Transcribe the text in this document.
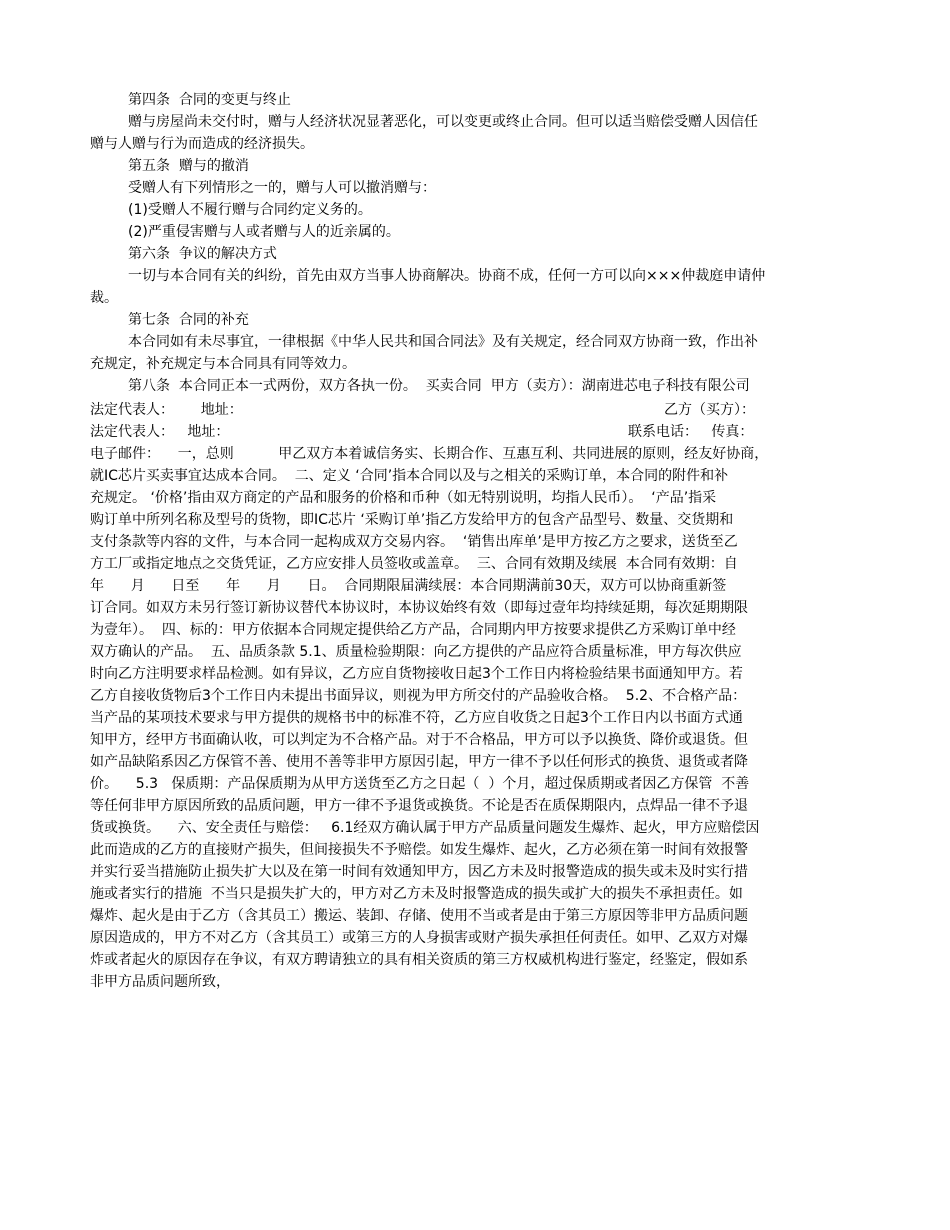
第四条  合同的变更与终止
赠与房屋尚未交付时，赠与人经济状况显著恶化，可以变更或终止合同。但可以适当赔偿受赠人因信任
赠与人赠与行为而造成的经济损失。
第五条  赠与的撤消
受赠人有下列情形之一的，赠与人可以撤消赠与：
(1)受赠人不履行赠与合同约定义务的。
(2)严重侵害赠与人或者赠与人的近亲属的。
第六条  争议的解决方式
一切与本合同有关的纠纷，首先由双方当事人协商解决。协商不成，任何一方可以向×××仲裁庭申请仲
裁。
第七条  合同的补充
本合同如有未尽事宜，一律根据《中华人民共和国合同法》及有关规定，经合同双方协商一致，作出补
充规定，补充规定与本合同具有同等效力。
第八条  本合同正本一式两份，双方各执一份。  买卖合同  甲方（卖方）：湖南进芯电子科技有限公司
法定代表人：      地址：	乙方（买方）：
法定代表人：   地址：	联系电话：   传真：
电子邮件：    一，总则          甲乙双方本着诚信务实、长期合作、互惠互利、共同进展的原则，经友好协商，
就IC芯片买卖事宜达成本合同。  二、定义 ‘合同’指本合同以及与之相关的采购订单，本合同的附件和补
充规定。 ‘价格’指由双方商定的产品和服务的价格和币种（如无特别说明，均指人民币）。  ‘产品’指采
购订单中所列名称及型号的货物，即IC芯片 ‘采购订单’指乙方发给甲方的包含产品型号、数量、交货期和
支付条款等内容的文件，与本合同一起构成双方交易内容。  ‘销售出库单’是甲方按乙方之要求，送货至乙
方工厂或指定地点之交货凭证，乙方应安排人员签收或盖章。  三、合同有效期及续展  本合同有效期：自
年      月      日至      年      月      日。  合同期限届满续展：本合同期满前30天，双方可以协商重新签
订合同。如双方未另行签订新协议替代本协议时，本协议始终有效（即每过壹年均持续延期，每次延期期限
为壹年）。  四、标的：甲方依据本合同规定提供给乙方产品，合同期内甲方按要求提供乙方采购订单中经
双方确认的产品。  五、品质条款 5.1、质量检验期限：向乙方提供的产品应符合质量标准，甲方每次供应
时向乙方注明要求样品检测。如有异议，乙方应自货物接收日起3个工作日内将检验结果书面通知甲方。若
乙方自接收货物后3个工作日内未提出书面异议，则视为甲方所交付的产品验收合格。  5.2、不合格产品：
当产品的某项技术要求与甲方提供的规格书中的标准不符，乙方应自收货之日起3个工作日内以书面方式通
知甲方，经甲方书面确认收，可以判定为不合格产品。对于不合格品，甲方可以予以换货、降价或退货。但
如产品缺陷系因乙方保管不善、使用不善等非甲方原因引起，甲方一律不予以任何形式的换货、退货或者降
价。    5.3   保质期：产品保质期为从甲方送货至乙方之日起（  ）个月，超过保质期或者因乙方保管  不善
等任何非甲方原因所致的品质问题，甲方一律不予退货或换货。不论是否在质保期限内，点焊品一律不予退
货或换货。    六、安全责任与赔偿：   6.1经双方确认属于甲方产品质量问题发生爆炸、起火，甲方应赔偿因
此而造成的乙方的直接财产损失，但间接损失不予赔偿。如发生爆炸、起火，乙方必须在第一时间有效报警
并实行妥当措施防止损失扩大以及在第一时间有效通知甲方，因乙方未及时报警造成的损失或未及时实行措
施或者实行的措施  不当只是损失扩大的，甲方对乙方未及时报警造成的损失或扩大的损失不承担责任。如
爆炸、起火是由于乙方（含其员工）搬运、装卸、存储、使用不当或者是由于第三方原因等非甲方品质问题
原因造成的，甲方不对乙方（含其员工）或第三方的人身损害或财产损失承担任何责任。如甲、乙双方对爆
炸或者起火的原因存在争议，有双方聘请独立的具有相关资质的第三方权威机构进行鉴定，经鉴定，假如系
非甲方品质问题所致，
